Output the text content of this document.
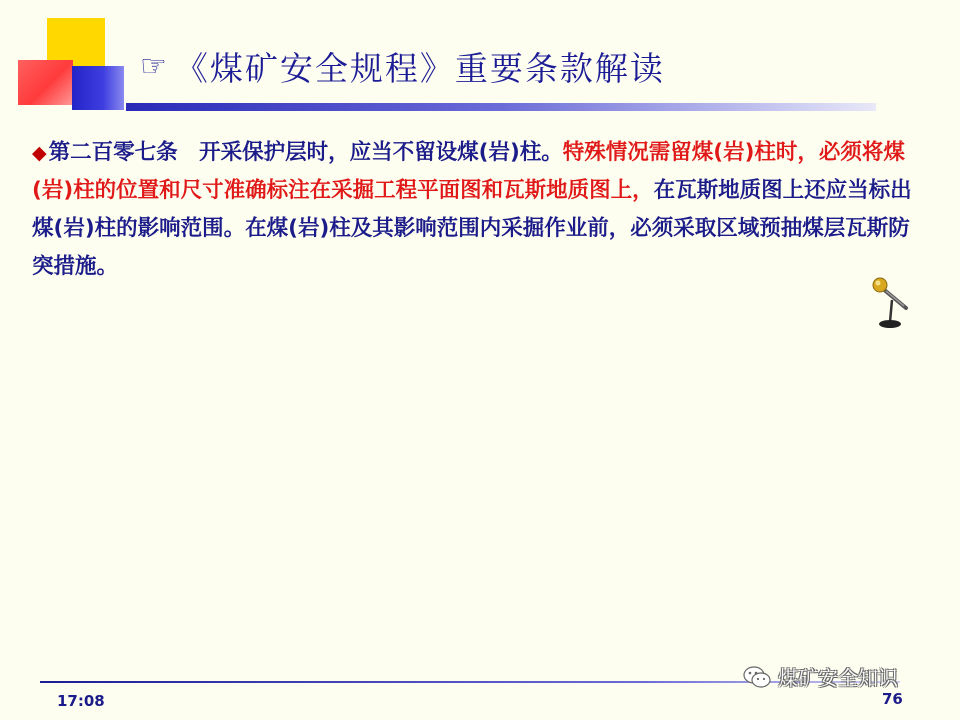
☞ 《煤矿安全规程》重要条款解读
◆第二百零七条　开采保护层时，应当不留设煤(岩)柱。特殊情况需留煤(岩)柱时，必须将煤(岩)柱的位置和尺寸准确标注在采掘工程平面图和瓦斯地质图上，在瓦斯地质图上还应当标出煤(岩)柱的影响范围。在煤(岩)柱及其影响范围内采掘作业前，必须采取区域预抽煤层瓦斯防突措施。
17:08	76
煤矿安全知识
